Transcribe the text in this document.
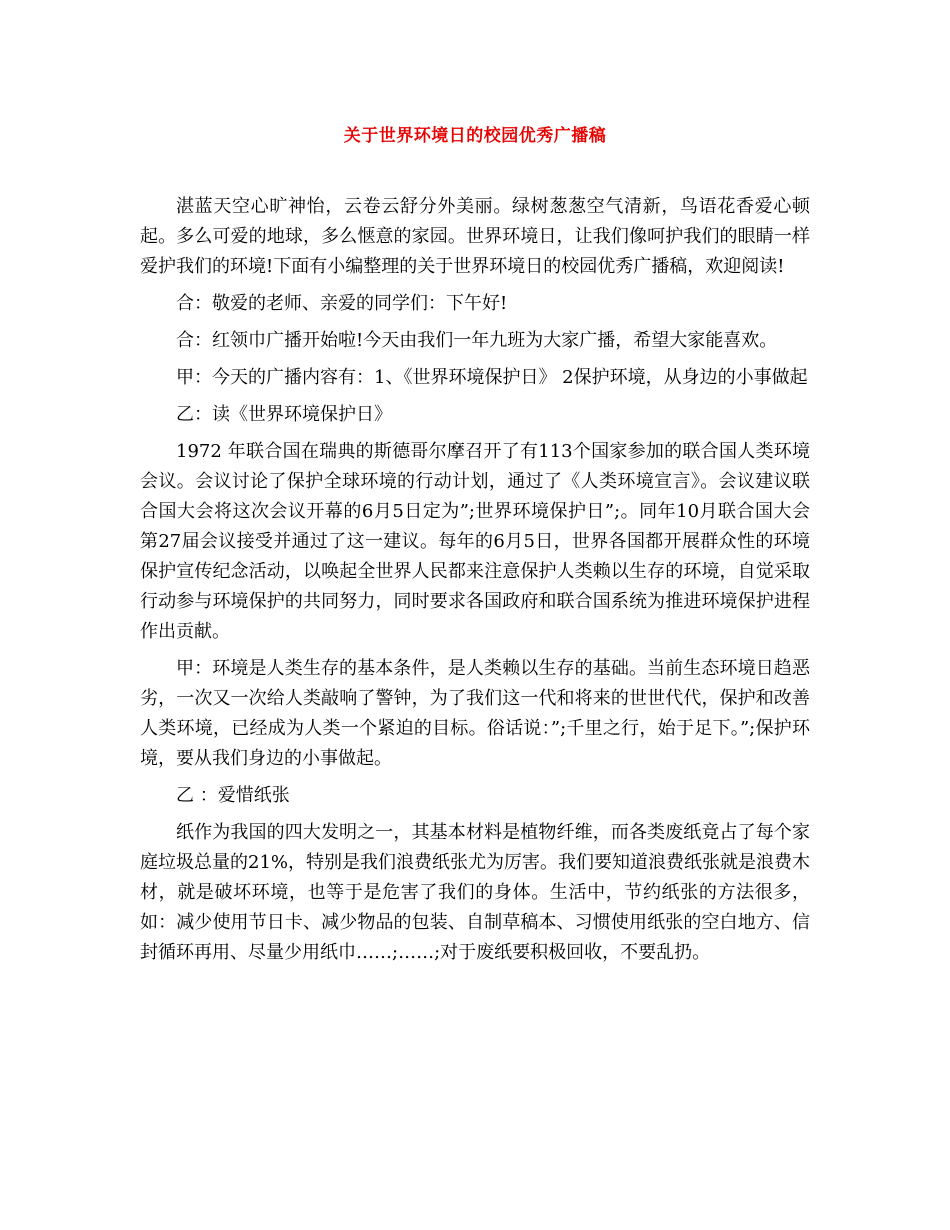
关于世界环境日的校园优秀广播稿

湛蓝天空心旷神怡，云卷云舒分外美丽。绿树葱葱空气清新，鸟语花香爱心顿起。多么可爱的地球，多么惬意的家园。世界环境日，让我们像呵护我们的眼睛一样爱护我们的环境!下面有小编整理的关于世界环境日的校园优秀广播稿，欢迎阅读!

合：敬爱的老师、亲爱的同学们：下午好!

合：红领巾广播开始啦!今天由我们一年九班为大家广播，希望大家能喜欢。

甲：今天的广播内容有：1、《世界环境保护日》 2保护环境，从身边的小事做起

乙：读《世界环境保护日》

1972 年联合国在瑞典的斯德哥尔摩召开了有113个国家参加的联合国人类环境会议。会议讨论了保护全球环境的行动计划，通过了《人类环境宣言》。会议建议联合国大会将这次会议开幕的6月5日定为”;世界环境保护日”;。同年10月联合国大会第27届会议接受并通过了这一建议。每年的6月5日，世界各国都开展群众性的环境保护宣传纪念活动，以唤起全世界人民都来注意保护人类赖以生存的环境，自觉采取行动参与环境保护的共同努力，同时要求各国政府和联合国系统为推进环境保护进程作出贡献。

甲：环境是人类生存的基本条件，是人类赖以生存的基础。当前生态环境日趋恶劣，一次又一次给人类敲响了警钟，为了我们这一代和将来的世世代代，保护和改善人类环境，已经成为人类一个紧迫的目标。俗话说：”;千里之行，始于足下。”;保护环境，要从我们身边的小事做起。

乙 ：爱惜纸张

纸作为我国的四大发明之一，其基本材料是植物纤维，而各类废纸竟占了每个家庭垃圾总量的21%，特别是我们浪费纸张尤为厉害。我们要知道浪费纸张就是浪费木材，就是破坏环境，也等于是危害了我们的身体。生活中，节约纸张的方法很多，如：减少使用节日卡、减少物品的包装、自制草稿本、习惯使用纸张的空白地方、信封循环再用、尽量少用纸巾……;……;对于废纸要积极回收，不要乱扔。
